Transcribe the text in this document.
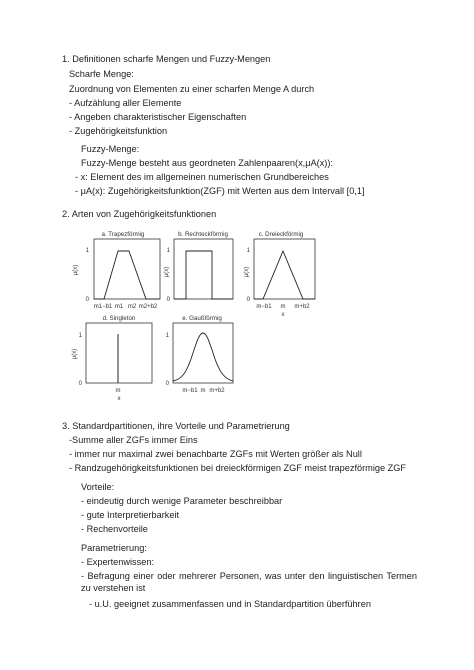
1. Definitionen scharfe Mengen und Fuzzy-Mengen
Scharfe Menge:
Zuordnung von Elementen zu einer scharfen Menge A durch
- Aufzählung aller Elemente
- Angeben charakteristischer Eigenschaften
- Zugehörigkeitsfunktion
Fuzzy-Menge:
Fuzzy-Menge besteht aus geordneten Zahlenpaaren(x,μA(x)):
- x: Element des im allgemeinen numerischen Grundbereiches
- μA(x): Zugehörigkeitsfunktion(ZGF) mit Werten aus dem Intervall [0,1]
2. Arten von Zugehörigkeitsfunktionen
a. Trapezförmig
1
0
μ(x)
m1−b1 m1 m2 m2+b2
b. Rechteckförmig
1
0
μ(x)
c. Dreieckförmig
1
0
μ(x)
m−b1 m m+b2
x
d. Singleton
1
0
μ(x)
m
x
e. Gaußförmig
1
0
m−b1 m m+b2
3. Standardpartitionen, ihre Vorteile und Parametrierung
-Summe aller ZGFs immer Eins
- immer nur maximal zwei benachbarte ZGFs mit Werten größer als Null
- Randzugehörigkeitsfunktionen bei dreieckförmigen ZGF meist trapezförmige ZGF
Vorteile:
- eindeutig durch wenige Parameter beschreibbar
- gute Interpretierbarkeit
- Rechenvorteile
Parametrierung:
- Expertenwissen:
- Befragung einer oder mehrerer Personen, was unter den linguistischen Termen zu verstehen ist
- u.U. geeignet zusammenfassen und in Standardpartition überführen
